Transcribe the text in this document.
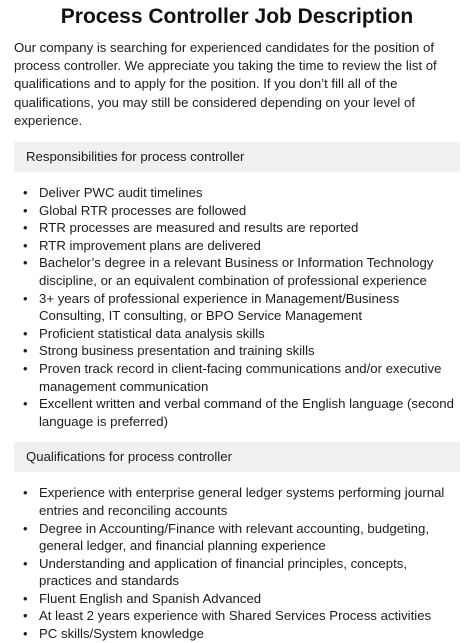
Process Controller Job Description

Our company is searching for experienced candidates for the position of process controller. We appreciate you taking the time to review the list of qualifications and to apply for the position. If you don’t fill all of the qualifications, you may still be considered depending on your level of experience.

Responsibilities for process controller
• Deliver PWC audit timelines
• Global RTR processes are followed
• RTR processes are measured and results are reported
• RTR improvement plans are delivered
• Bachelor’s degree in a relevant Business or Information Technology discipline, or an equivalent combination of professional experience
• 3+ years of professional experience in Management/Business Consulting, IT consulting, or BPO Service Management
• Proficient statistical data analysis skills
• Strong business presentation and training skills
• Proven track record in client-facing communications and/or executive management communication
• Excellent written and verbal command of the English language (second language is preferred)
Qualifications for process controller
• Experience with enterprise general ledger systems performing journal entries and reconciling accounts
• Degree in Accounting/Finance with relevant accounting, budgeting, general ledger, and financial planning experience
• Understanding and application of financial principles, concepts, practices and standards
• Fluent English and Spanish Advanced
• At least 2 years experience with Shared Services Process activities
• PC skills/System knowledge
